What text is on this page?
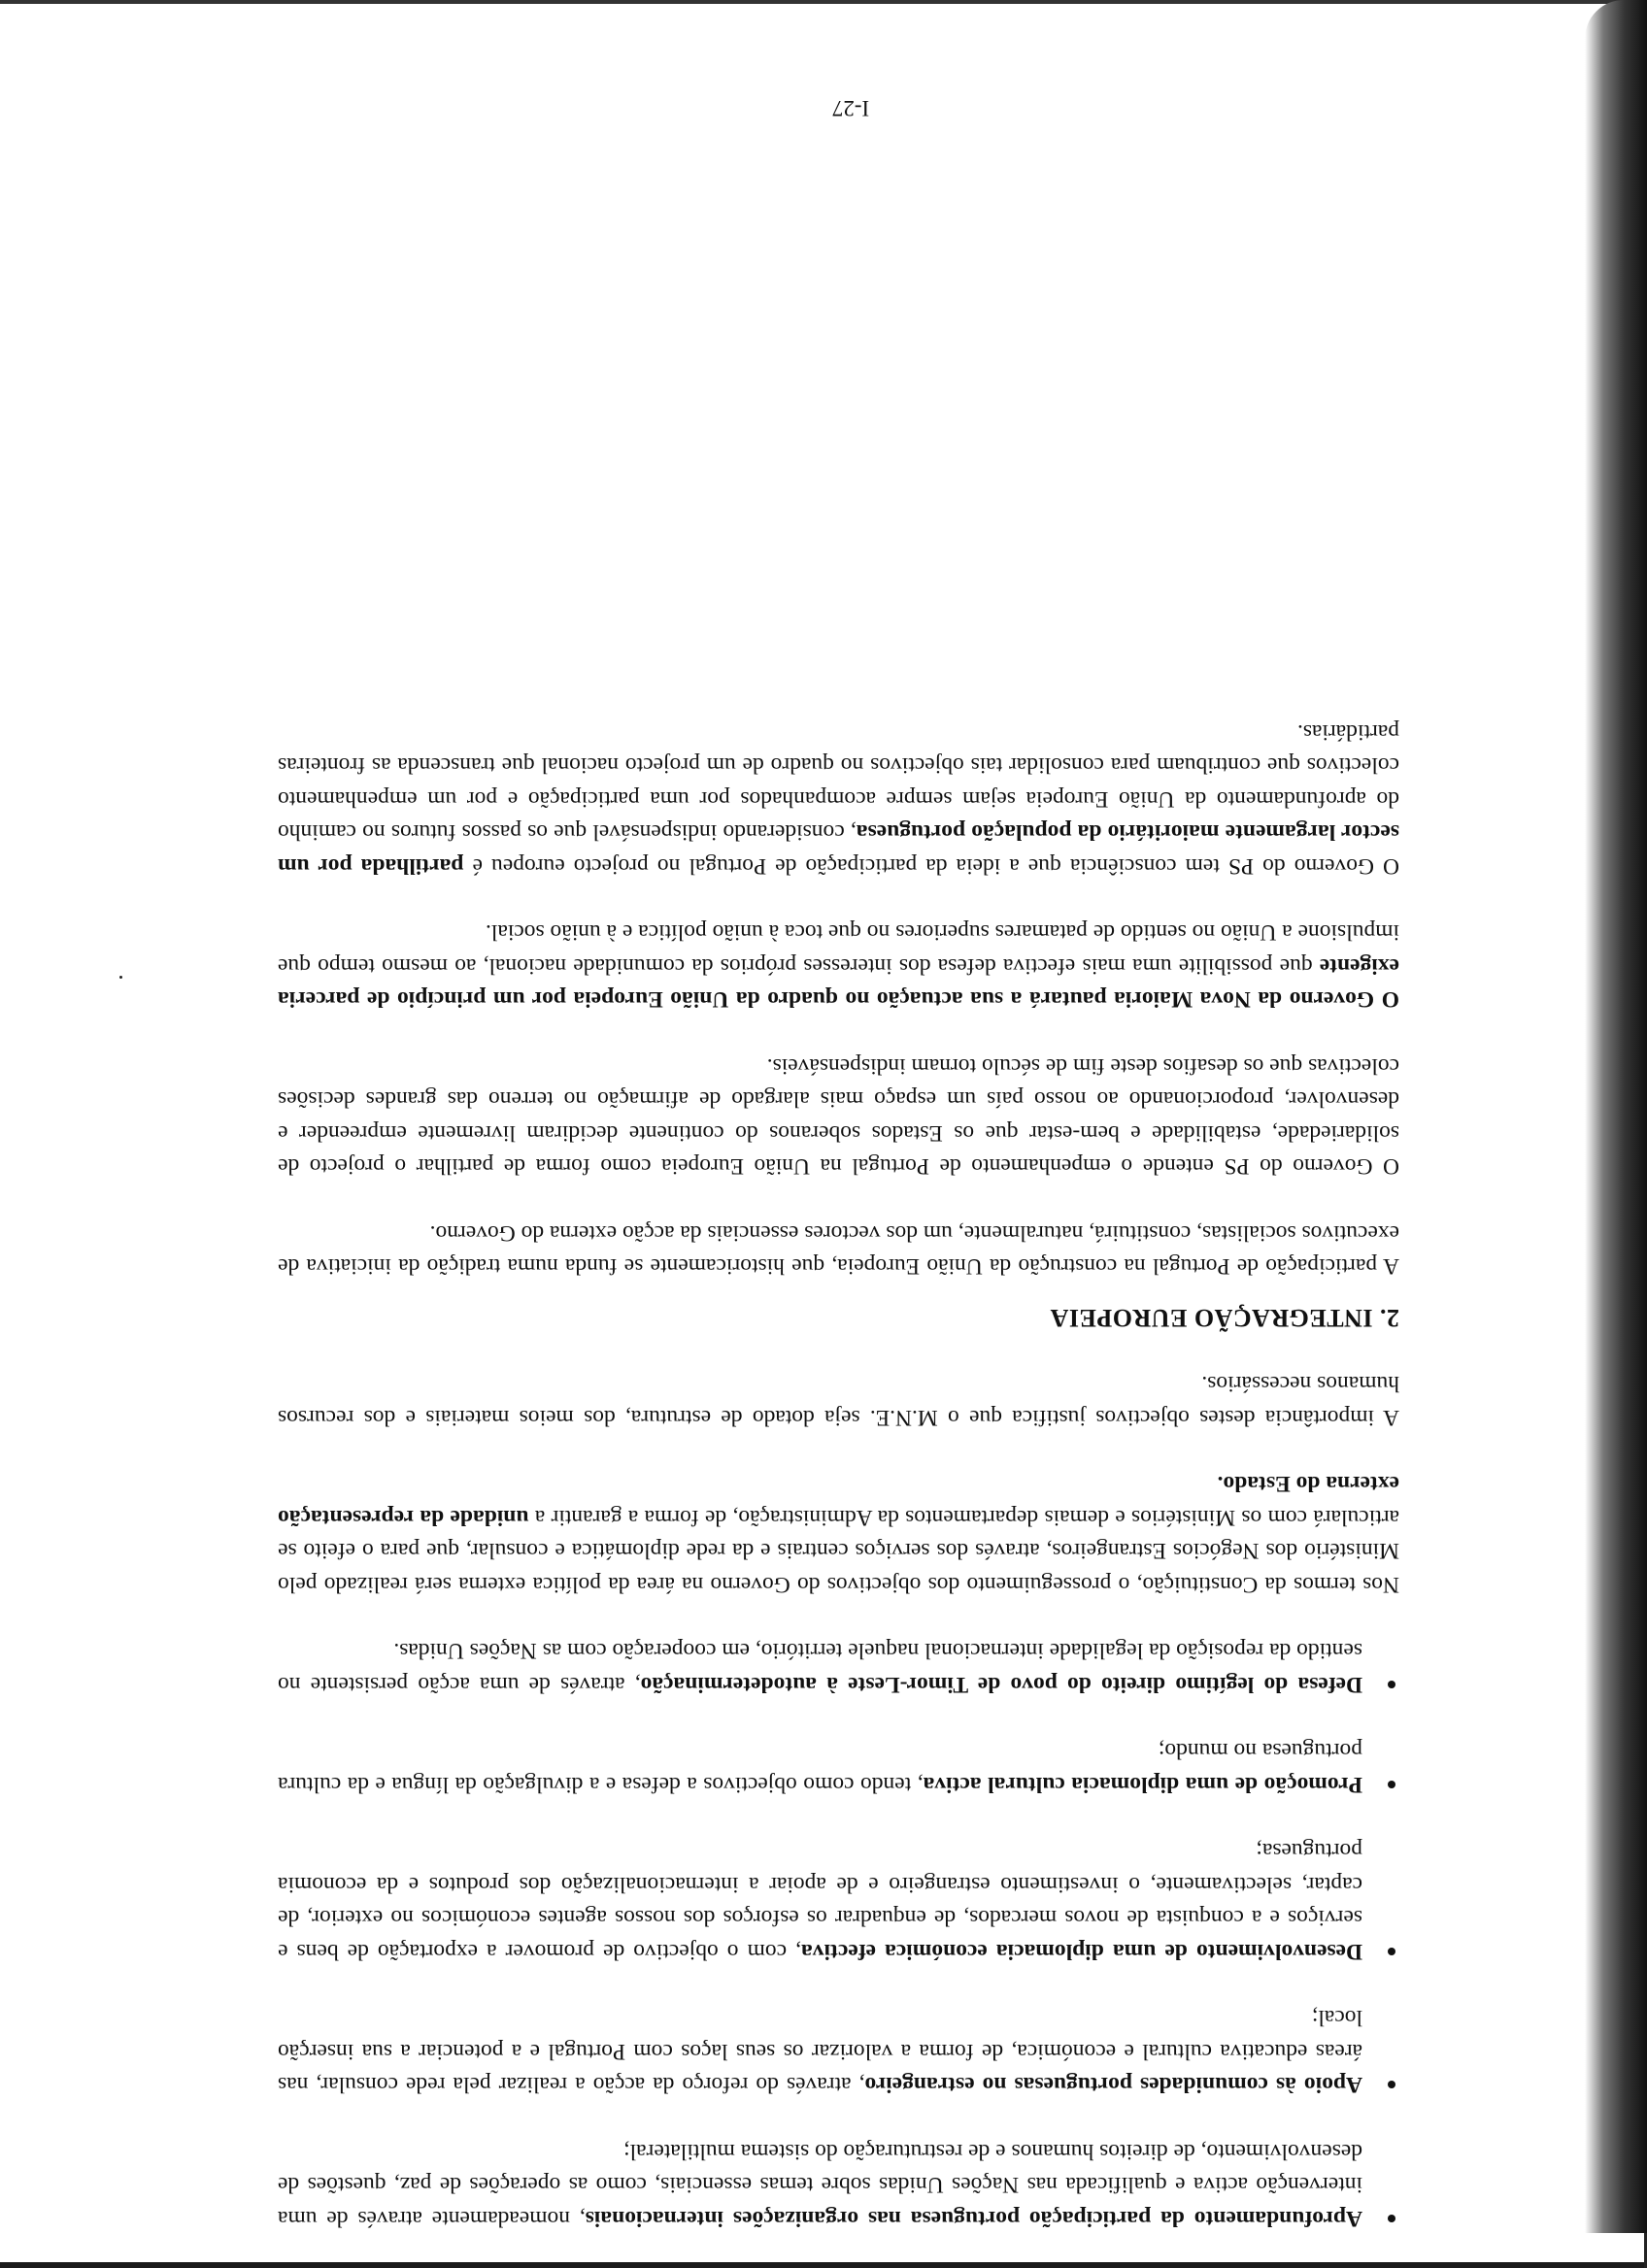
Aprofundamento da participação portuguesa nas organizações internacionais, nomeadamente através de uma intervenção activa e qualificada nas Nações Unidas sobre temas essenciais, como as operações de paz, questões de desenvolvimento, de direitos humanos e de restruturação do sistema multilateral;
Apoio às comunidades portuguesas no estrangeiro, através do reforço da acção a realizar pela rede consular, nas áreas educativa cultural e económica, de forma a valorizar os seus laços com Portugal e a potenciar a sua inserção local;
Desenvolvimento de uma diplomacia económica efectiva, com o objectivo de promover a exportação de bens e serviços e a conquista de novos mercados, de enquadrar os esforços dos nossos agentes económicos no exterior, de captar, selectivamente, o investimento estrangeiro e de apoiar a internacionalização dos produtos e da economia portuguesa;
Promoção de uma diplomacia cultural activa, tendo como objectivos a defesa e a divulgação da língua e da cultura portuguesa no mundo;
Defesa do legítimo direito do povo de Timor-Leste à autodeterminação, através de uma acção persistente no sentido da reposição da legalidade internacional naquele território, em cooperação com as Nações Unidas.

Nos termos da Constituição, o prosseguimento dos objectivos do Governo na área da política externa será realizado pelo Ministério dos Negócios Estrangeiros, através dos serviços centrais e da rede diplomática e consular, que para o efeito se articulará com os Ministérios e demais departamentos da Administração, de forma a garantir a unidade da representação externa do Estado.

A importância destes objectivos justifica que o M.N.E. seja dotado de estrutura, dos meios materiais e dos recursos humanos necessários.

2. INTEGRAÇÃO EUROPEIA

A participação de Portugal na construção da União Europeia, que historicamente se funda numa tradição da iniciativa de executivos socialistas, constituirá, naturalmente, um dos vectores essenciais da acção externa do Governo.

O Governo do PS entende o empenhamento de Portugal na União Europeia como forma de partilhar o projecto de solidariedade, estabilidade e bem-estar que os Estados soberanos do continente decidiram livremente empreender e desenvolver, proporcionando ao nosso país um espaço mais alargado de afirmação no terreno das grandes decisões colectivas que os desafios deste fim de século tornam indispensáveis.

O Governo da Nova Maioria pautará a sua actuação no quadro da União Europeia por um princípio de parceria exigente que possibilite uma mais efectiva defesa dos interesses próprios da comunidade nacional, ao mesmo tempo que impulsione a União no sentido de patamares superiores no que toca à união política e à união social.

O Governo do PS tem consciência que a ideia da participação de Portugal no projecto europeu é partilhada por um sector largamente maioritário da população portuguesa, considerando indispensável que os passos futuros no caminho do aprofundamento da União Europeia sejam sempre acompanhados por uma participação e por um empenhamento colectivos que contribuam para consolidar tais objectivos no quadro de um projecto nacional que transcenda as fronteiras partidárias.

I-27
